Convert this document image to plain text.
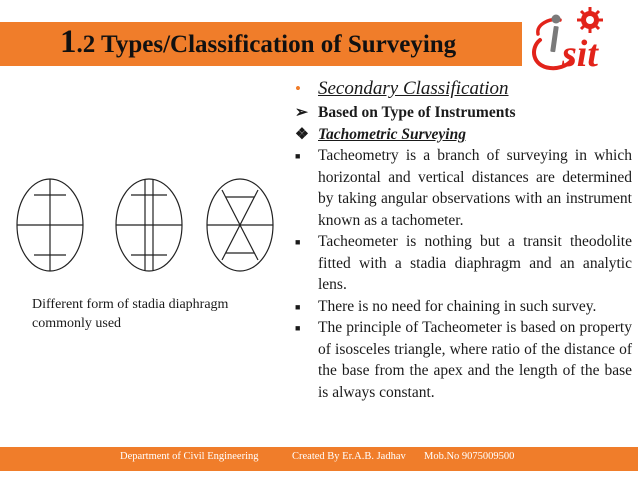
1.2 Types/Classification of Surveying	sit
• Secondary Classification
➢ Based on Type of Instruments
❖ Tachometric Surveying
■ Tacheometry is a branch of surveying in which horizontal and vertical distances are determined by taking angular observations with an instrument known as a tachometer.
■ Tacheometer is nothing but a transit theodolite fitted with a stadia diaphragm and an analytic lens.
■ There is no need for chaining in such survey.
■ The principle of Tacheometer is based on property of isosceles triangle, where ratio of the distance of the base from the apex and the length of the base is always constant.
Different form of stadia diaphragm commonly used
Department of Civil Engineering	Created By Er.A.B. Jadhav Mob.No 9075009500
